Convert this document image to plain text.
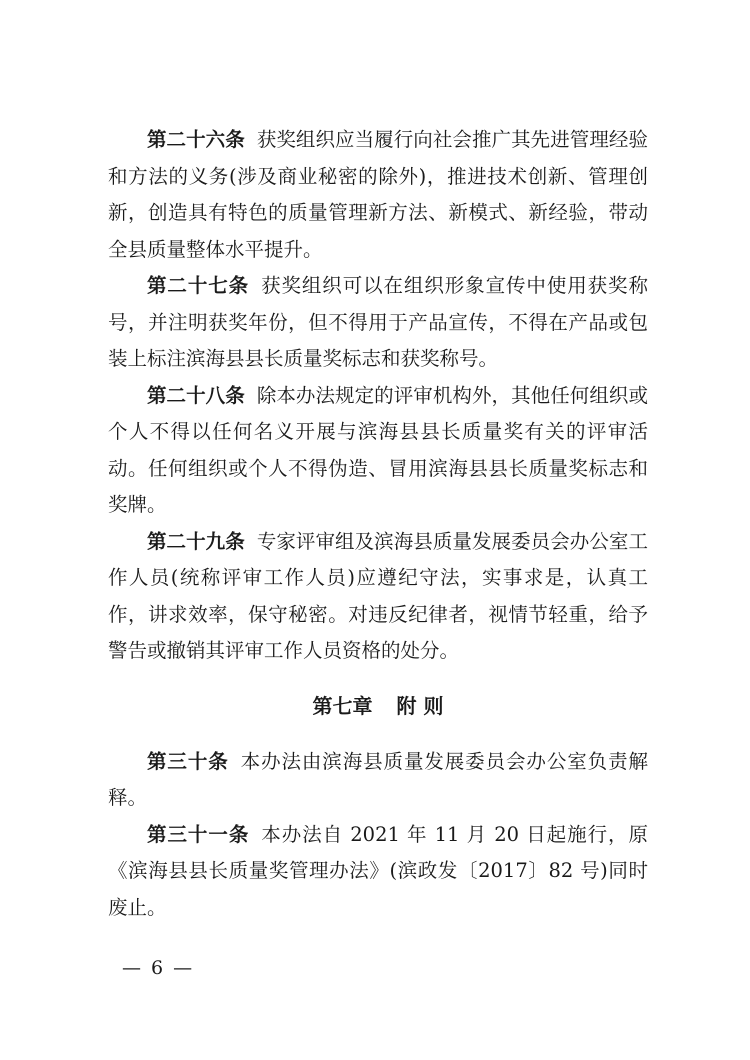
第二十六条 获奖组织应当履行向社会推广其先进管理经验和方法的义务(涉及商业秘密的除外)，推进技术创新、管理创新，创造具有特色的质量管理新方法、新模式、新经验，带动全县质量整体水平提升。

第二十七条 获奖组织可以在组织形象宣传中使用获奖称号，并注明获奖年份，但不得用于产品宣传，不得在产品或包装上标注滨海县县长质量奖标志和获奖称号。

第二十八条 除本办法规定的评审机构外，其他任何组织或个人不得以任何名义开展与滨海县县长质量奖有关的评审活动。任何组织或个人不得伪造、冒用滨海县县长质量奖标志和奖牌。

第二十九条 专家评审组及滨海县质量发展委员会办公室工作人员(统称评审工作人员)应遵纪守法，实事求是，认真工作，讲求效率，保守秘密。对违反纪律者，视情节轻重，给予警告或撤销其评审工作人员资格的处分。

第七章 附 则

第三十条 本办法由滨海县质量发展委员会办公室负责解释。

第三十一条 本办法自 2021 年 11 月 20 日起施行，原《滨海县县长质量奖管理办法》(滨政发〔2017〕82 号)同时废止。

— 6 —
